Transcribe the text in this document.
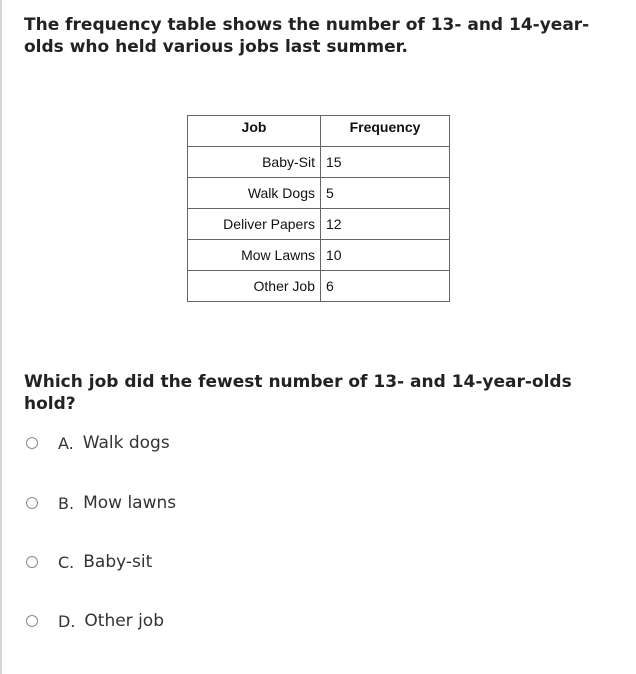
The frequency table shows the number of 13- and 14-year-olds who held various jobs last summer.

Job	Frequency
Baby-Sit	15
Walk Dogs	5
Deliver Papers	12
Mow Lawns	10
Other Job	6

Which job did the fewest number of 13- and 14-year-olds hold?

A. Walk dogs
B. Mow lawns
C. Baby-sit
D. Other job
